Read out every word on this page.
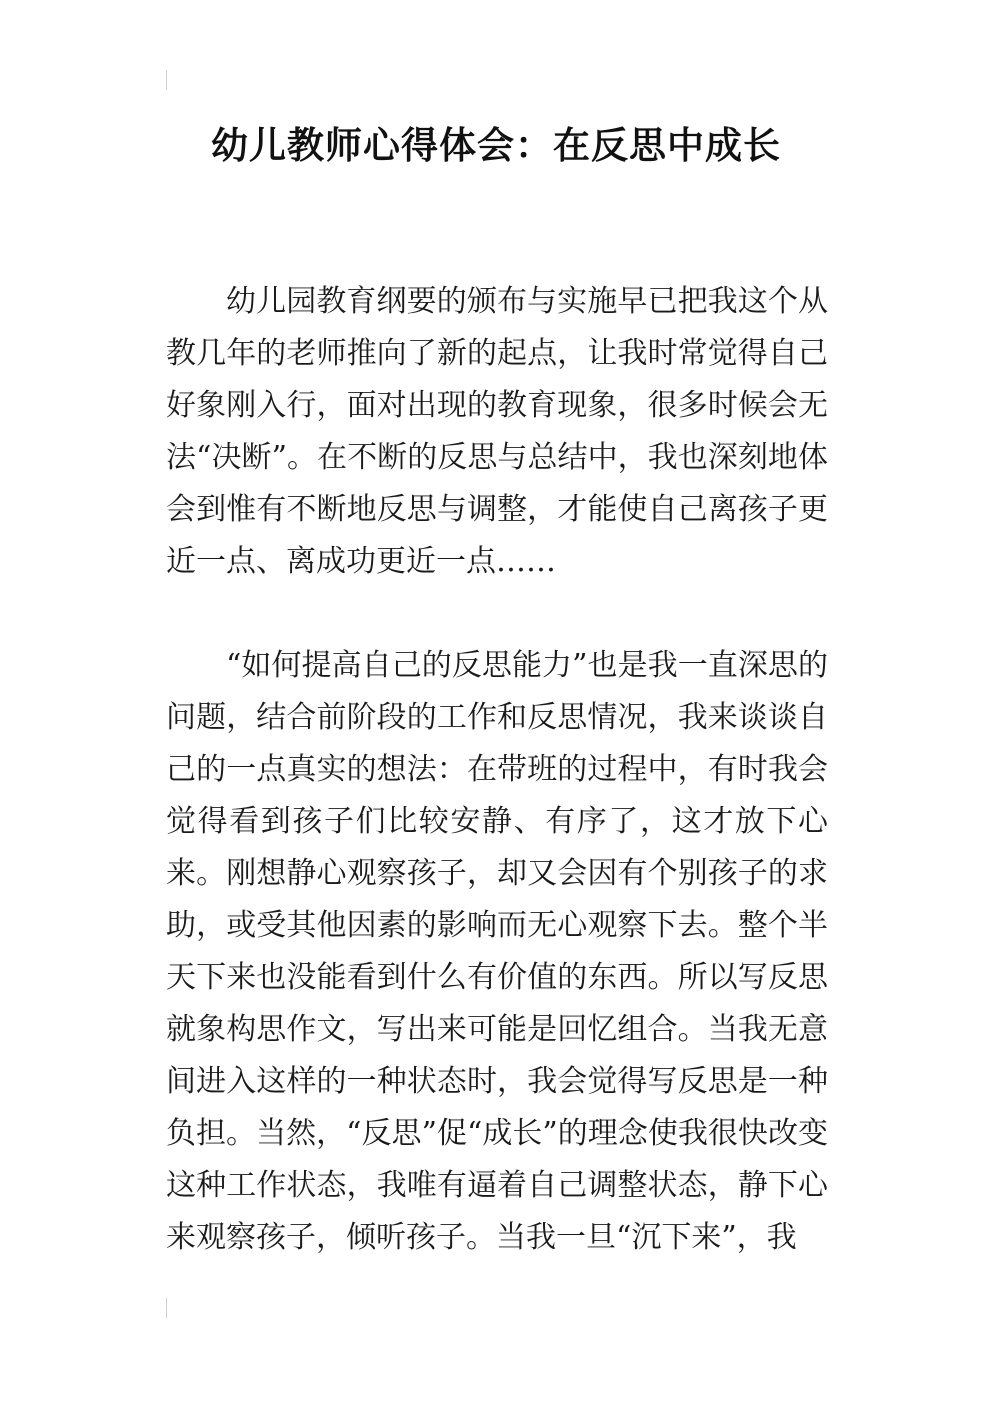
幼儿教师心得体会：在反思中成长

幼儿园教育纲要的颁布与实施早已把我这个从教几年的老师推向了新的起点，让我时常觉得自己好象刚入行，面对出现的教育现象，很多时候会无法“决断”。在不断的反思与总结中，我也深刻地体会到惟有不断地反思与调整，才能使自己离孩子更近一点、离成功更近一点……

“如何提高自己的反思能力”也是我一直深思的问题，结合前阶段的工作和反思情况，我来谈谈自己的一点真实的想法：在带班的过程中，有时我会觉得看到孩子们比较安静、有序了，这才放下心来。刚想静心观察孩子，却又会因有个别孩子的求助，或受其他因素的影响而无心观察下去。整个半天下来也没能看到什么有价值的东西。所以写反思就象构思作文，写出来可能是回忆组合。当我无意间进入这样的一种状态时，我会觉得写反思是一种负担。当然，“反思”促“成长”的理念使我很快改变这种工作状态，我唯有逼着自己调整状态，静下心来观察孩子，倾听孩子。当我一旦“沉下来”，我
